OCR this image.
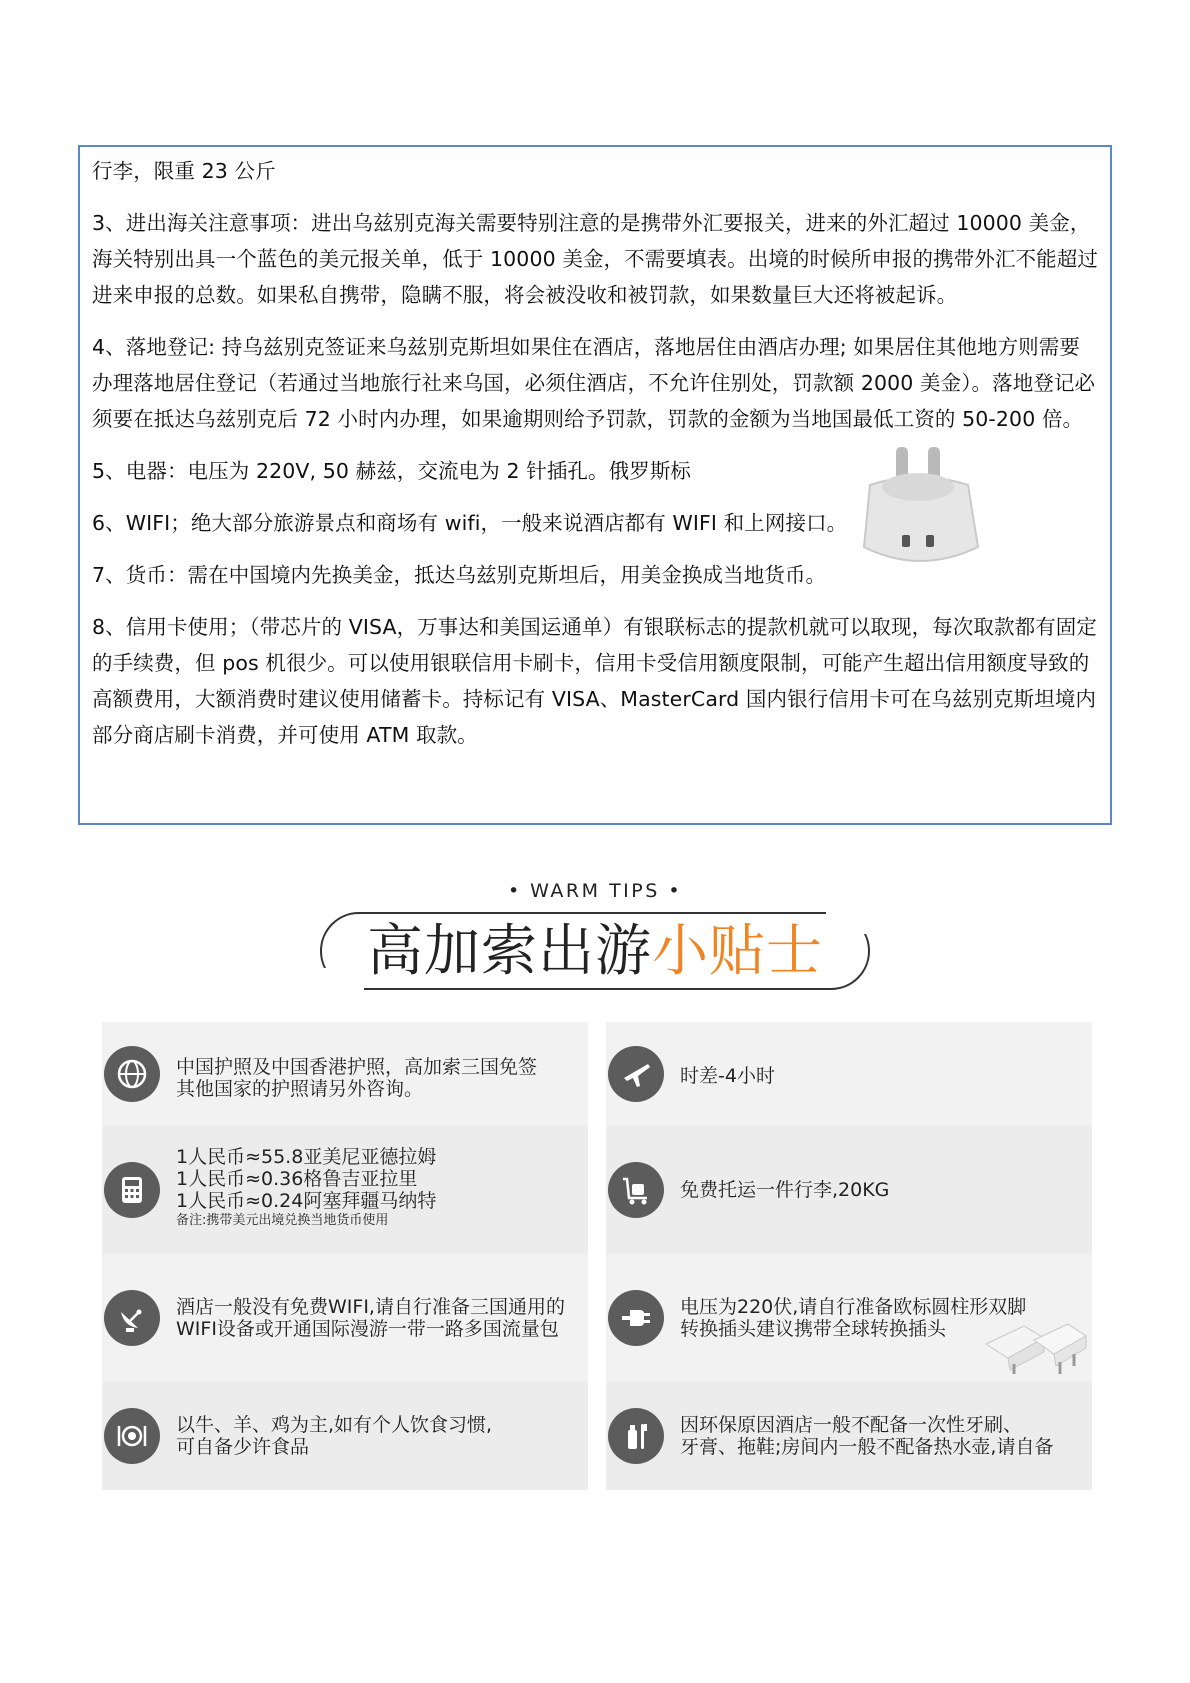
行李，限重 23 公斤

3、进出海关注意事项：进出乌兹别克海关需要特别注意的是携带外汇要报关，进来的外汇超过 10000 美金，海关特别出具一个蓝色的美元报关单，低于 10000 美金，不需要填表。出境的时候所申报的携带外汇不能超过进来申报的总数。如果私自携带，隐瞒不服，将会被没收和被罚款，如果数量巨大还将被起诉。

4、落地登记: 持乌兹别克签证来乌兹别克斯坦如果住在酒店，落地居住由酒店办理; 如果居住其他地方则需要办理落地居住登记（若通过当地旅行社来乌国，必须住酒店，不允许住别处，罚款额 2000 美金）。落地登记必须要在抵达乌兹别克后 72 小时内办理，如果逾期则给予罚款，罚款的金额为当地国最低工资的 50-200 倍。

5、电器：电压为 220V, 50 赫兹，交流电为 2 针插孔。俄罗斯标

6、WIFI；绝大部分旅游景点和商场有 wifi，一般来说酒店都有 WIFI 和上网接口。

7、货币：需在中国境内先换美金，抵达乌兹别克斯坦后，用美金换成当地货币。

8、信用卡使用；（带芯片的 VISA，万事达和美国运通单）有银联标志的提款机就可以取现，每次取款都有固定的手续费，但 pos 机很少。可以使用银联信用卡刷卡，信用卡受信用额度限制，可能产生超出信用额度导致的高额费用，大额消费时建议使用储蓄卡。持标记有 VISA、MasterCard 国内银行信用卡可在乌兹别克斯坦境内部分商店刷卡消费，并可使用 ATM 取款。

• WARM TIPS •
高加索出游小贴士
中国护照及中国香港护照，高加索三国免签
其他国家的护照请另外咨询。
时差-4小时
1人民币≈55.8亚美尼亚德拉姆
1人民币≈0.36格鲁吉亚拉里
1人民币≈0.24阿塞拜疆马纳特
备注:携带美元出境兑换当地货币使用
免费托运一件行李,20KG
酒店一般没有免费WIFI,请自行准备三国通用的
WIFI设备或开通国际漫游一带一路多国流量包
电压为220伏,请自行准备欧标圆柱形双脚
转换插头建议携带全球转换插头
以牛、羊、鸡为主,如有个人饮食习惯,
可自备少许食品
因环保原因酒店一般不配备一次性牙刷、
牙膏、拖鞋;房间内一般不配备热水壶,请自备
